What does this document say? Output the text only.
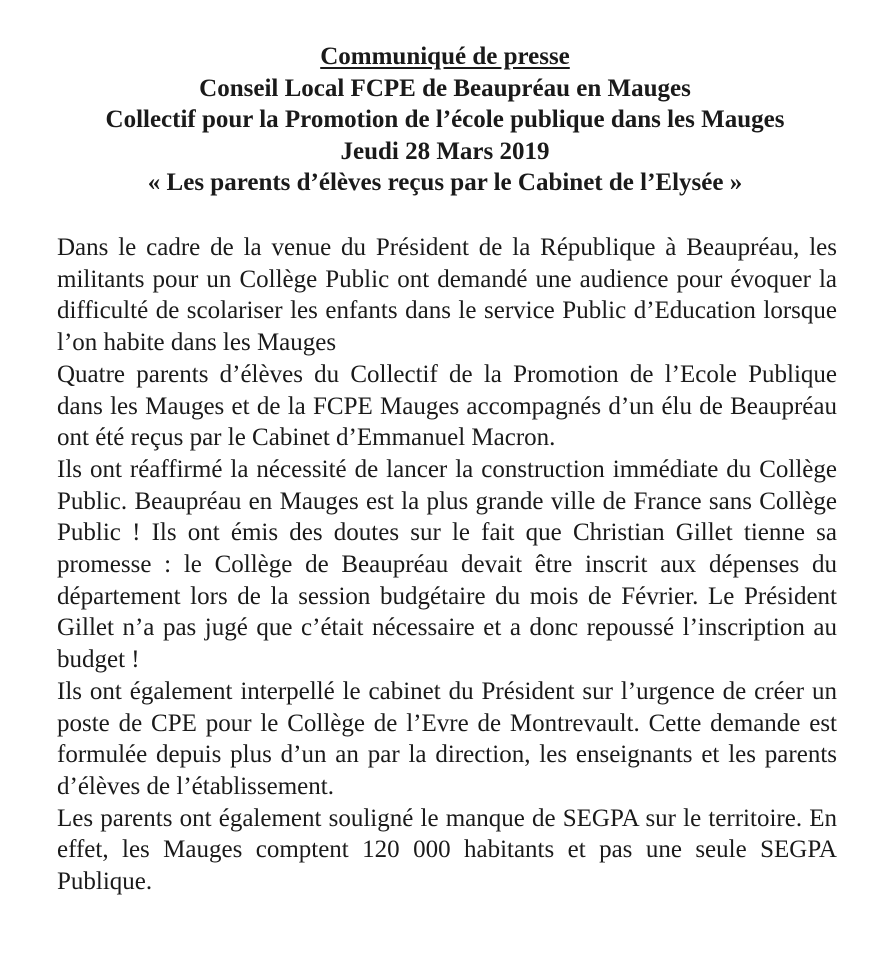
Communiqué de presse
Conseil Local FCPE de Beaupréau en Mauges
Collectif pour la Promotion de l’école publique dans les Mauges
Jeudi 28 Mars 2019
« Les parents d’élèves reçus par le Cabinet de l’Elysée »

Dans le cadre de la venue du Président de la République à Beaupréau, les militants pour un Collège Public ont demandé une audience pour évoquer la difficulté de scolariser les enfants dans le service Public d’Education lorsque l’on habite dans les Mauges

Quatre parents d’élèves du Collectif de la Promotion de l’Ecole Publique dans les Mauges et de la FCPE Mauges accompagnés d’un élu de Beaupréau ont été reçus par le Cabinet d’Emmanuel Macron.

Ils ont réaffirmé la nécessité de lancer la construction immédiate du Collège Public. Beaupréau en Mauges est la plus grande ville de France sans Collège Public ! Ils ont émis des doutes sur le fait que Christian Gillet tienne sa promesse : le Collège de Beaupréau devait être inscrit aux dépenses du département lors de la session budgétaire du mois de Février. Le Président Gillet n’a pas jugé que c’était nécessaire et a donc repoussé l’inscription au budget !

Ils ont également interpellé le cabinet du Président sur l’urgence de créer un poste de CPE pour le Collège de l’Evre de Montrevault. Cette demande est formulée depuis plus d’un an par la direction, les enseignants et les parents d’élèves de l’établissement.

Les parents ont également souligné le manque de SEGPA sur le territoire. En effet, les Mauges comptent 120 000 habitants et pas une seule SEGPA Publique.
